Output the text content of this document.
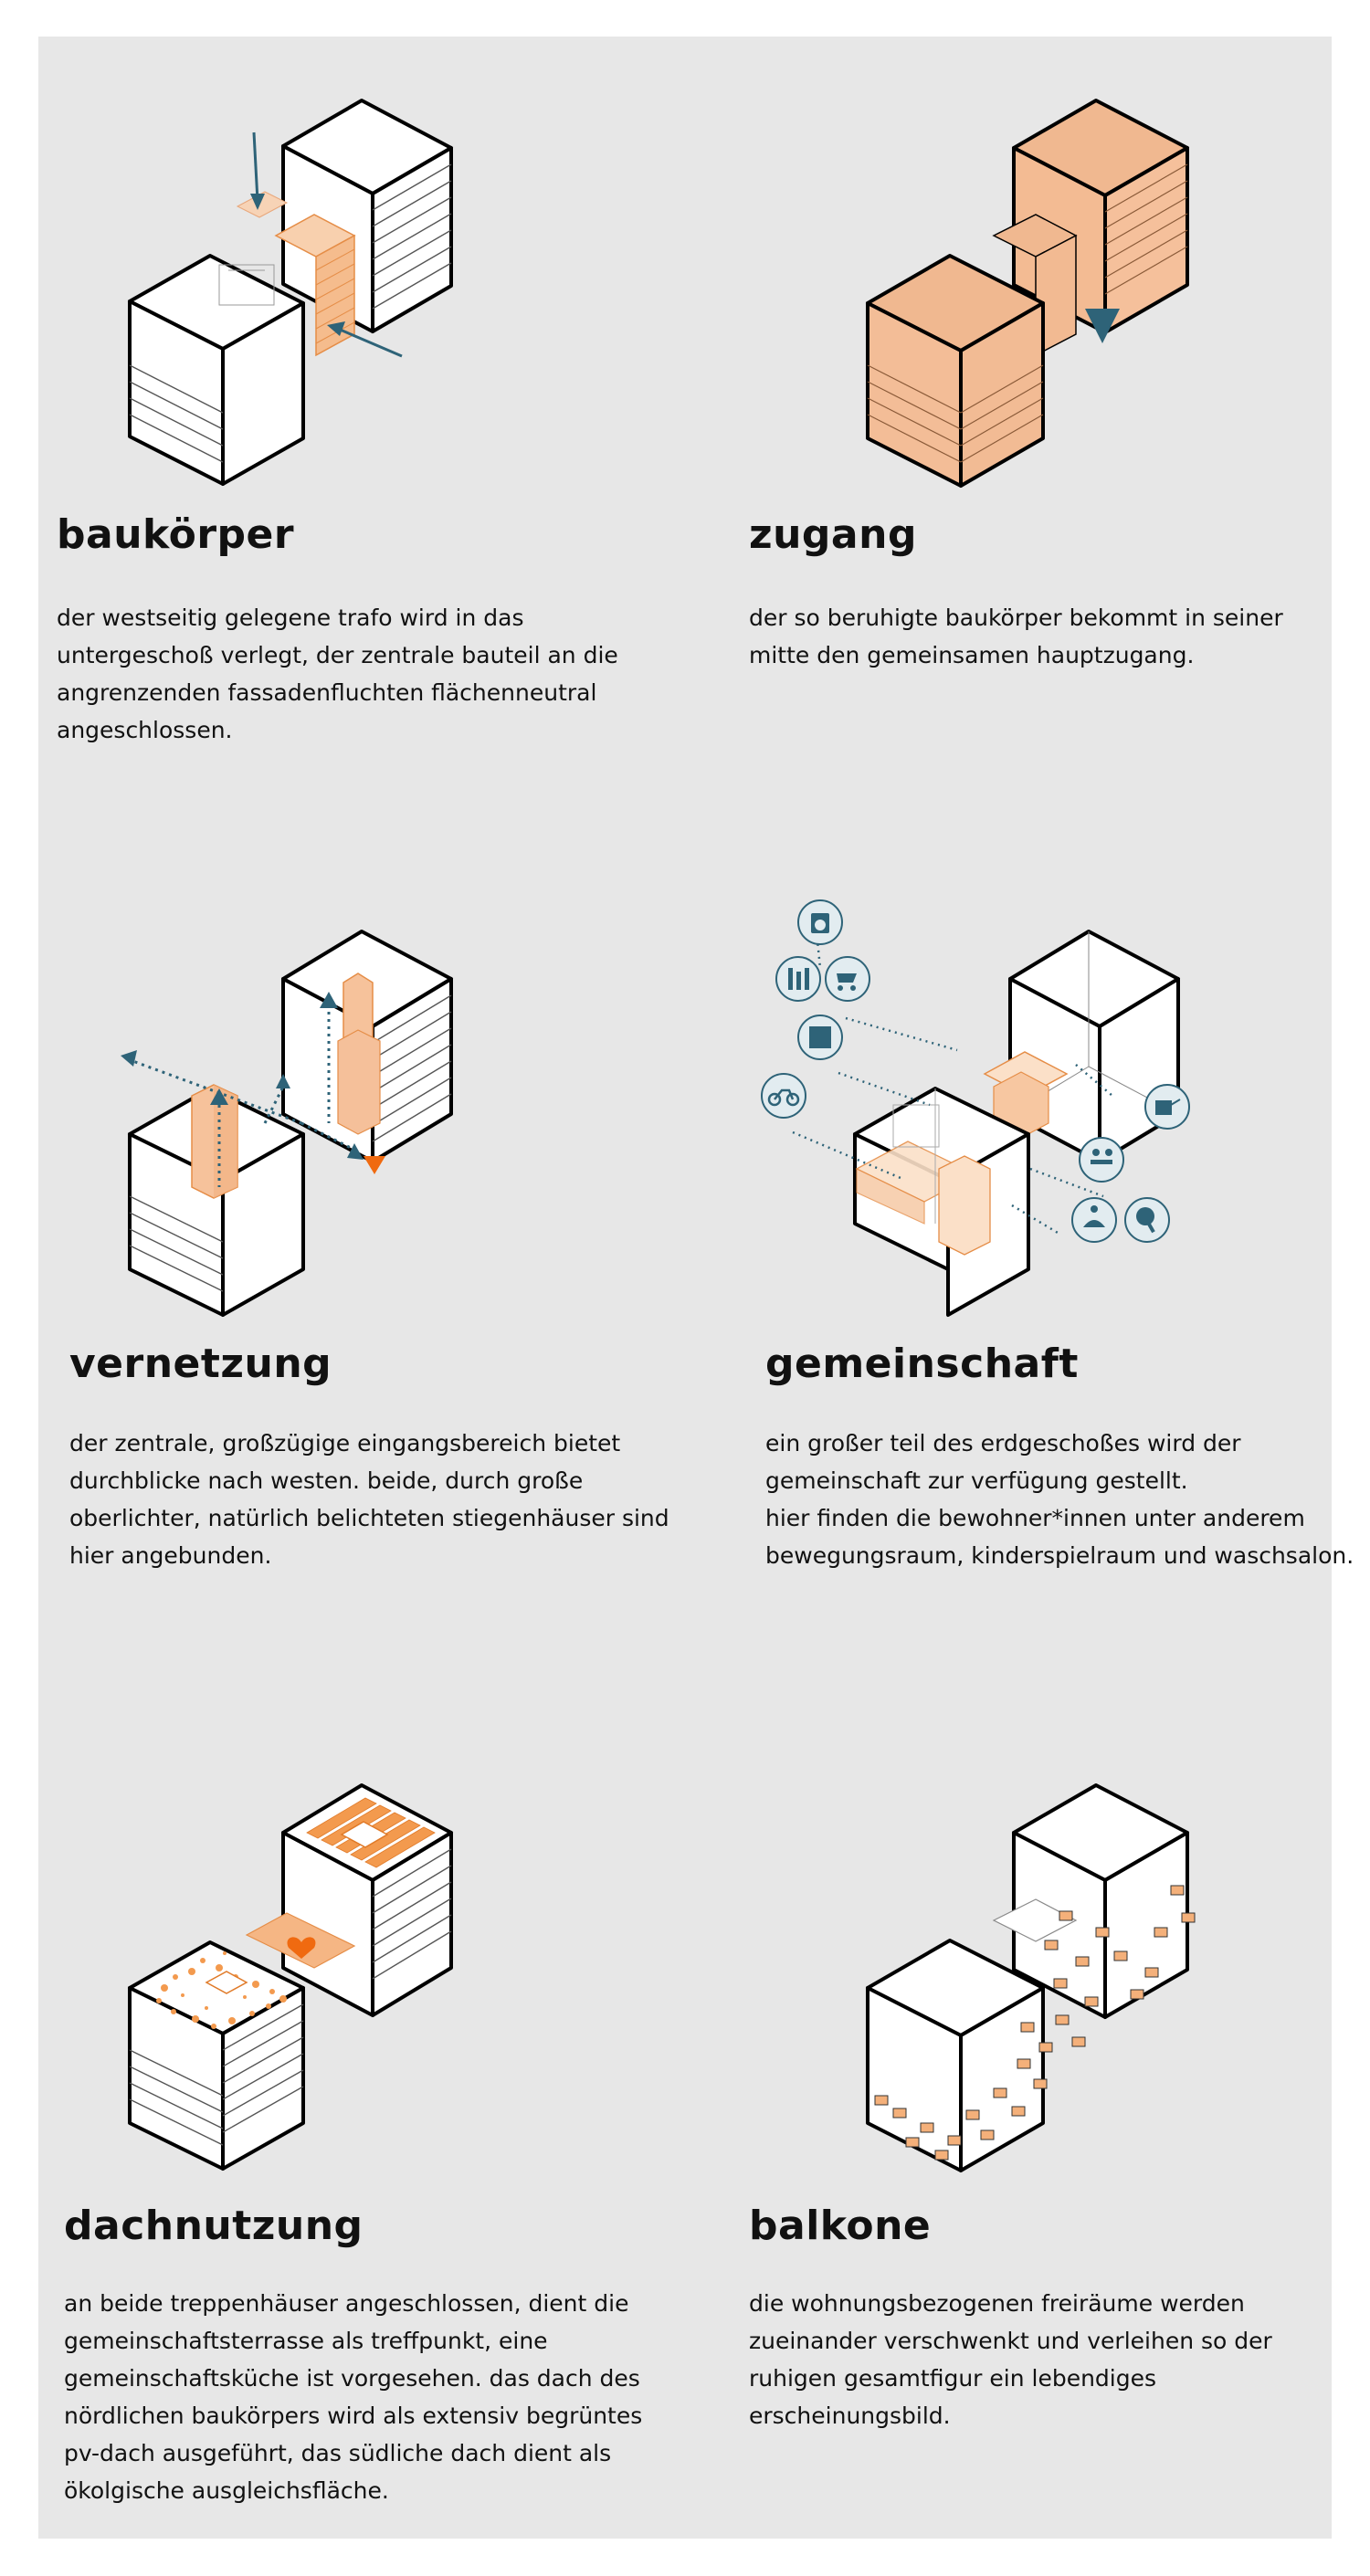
baukörper
der westseitig gelegene trafo wird in das
untergeschoß verlegt, der zentrale bauteil an die
angrenzenden fassadenfluchten flächenneutral
angeschlossen.
zugang
der so beruhigte baukörper bekommt in seiner
mitte den gemeinsamen hauptzugang.
vernetzung
der zentrale, großzügige eingangsbereich bietet
durchblicke nach westen. beide, durch große
oberlichter, natürlich belichteten stiegenhäuser sind
hier angebunden.
gemeinschaft
ein großer teil des erdgeschoßes wird der
gemeinschaft zur verfügung gestellt.
hier finden die bewohner*innen unter anderem
bewegungsraum, kinderspielraum und waschsalon.
dachnutzung
an beide treppenhäuser angeschlossen, dient die
gemeinschaftsterrasse als treffpunkt, eine
gemeinschaftsküche ist vorgesehen. das dach des
nördlichen baukörpers wird als extensiv begrüntes
pv-dach ausgeführt, das südliche dach dient als
ökolgische ausgleichsfläche.
balkone
die wohnungsbezogenen freiräume werden
zueinander verschwenkt und verleihen so der
ruhigen gesamtfigur ein lebendiges
erscheinungsbild.
